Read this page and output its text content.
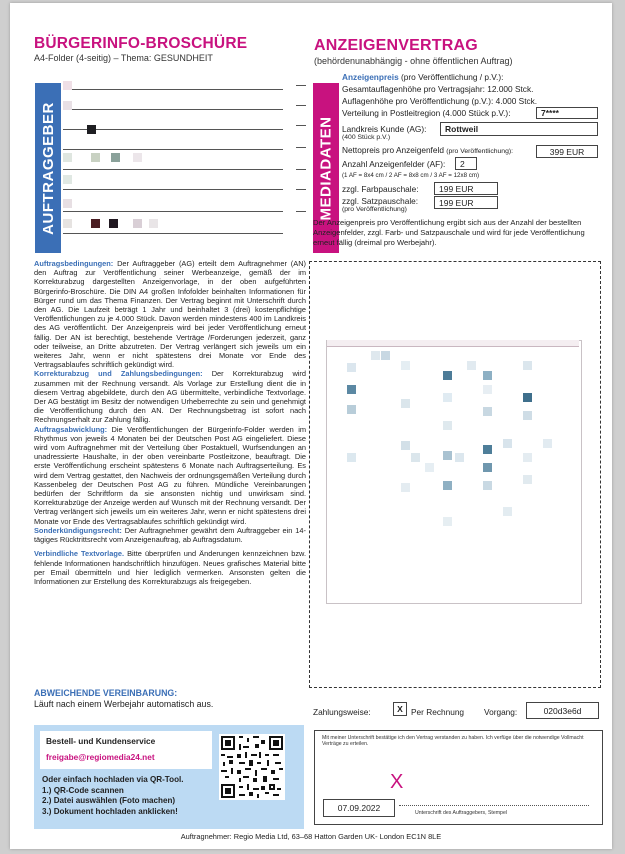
BÜRGERINFO-BROSCHÜRE
A4-Folder (4-seitig) – Thema: GESUNDHEIT
ANZEIGENVERTRAG
(behördenunabhängig - ohne öffentlichen Auftrag)
AUFTRAGGEBER	MEDIADATEN
Anzeigenpreis (pro Veröffentlichung / p.V.):
Gesamtauflagenhöhe pro Vertragsjahr: 12.000 Stck.
Auflagenhöhe pro Veröffentlichung (p.V.): 4.000 Stck.
Verteilung in Postleitregion (4.000 Stück p.V.):	7****
Landkreis Kunde (AG):
(400 Stück p.V.)
Rottweil
Nettopreis pro Anzeigenfeld (pro Veröffentlichung):	399 EUR
Anzahl Anzeigenfelder (AF):	2
(1 AF = 8x4 cm / 2 AF = 8x8 cm / 3 AF = 12x8 cm)
zzgl. Farbpauschale:	199 EUR
zzgl. Satzpauschale:
(pro Veröffentlichung)
199 EUR
Der Anzeigenpreis pro Veröffentlichung ergibt sich aus der Anzahl der bestellten Anzeigenfelder, zzgl. Farb- und Satzpauschale und wird für jede Veröffentlichung erneut fällig (dreimal pro Werbejahr).
Auftragsbedingungen: Der Auftraggeber (AG) erteilt dem Auftragnehmer (AN) den Auftrag zur Veröffentlichung seiner Werbeanzeige, gemäß der im Korrekturabzug dargestellten Anzeigenvorlage, in der oben aufgeführten Bürgerinfo-Broschüre. Die DIN A4 großen Infofolder beinhalten Informationen für Bürger rund um das Thema Finanzen. Der Vertrag beginnt mit Unterschrift durch den AG. Die Laufzeit beträgt 1 Jahr und beinhaltet 3 (drei) kostenpflichtige Veröffentlichungen zu je 4.000 Stück. Davon werden mindestens 400 im Landkreis des AG veröffentlicht. Der Anzeigenpreis wird bei jeder Veröffentlichung erneut fällig. Der AN ist berechtigt, bestehende Verträge /Forderungen jederzeit, ganz oder teilweise, an Dritte abzutreten. Der Vertrag verlängert sich jeweils um ein weiteres Jahr, wenn er nicht spätestens drei Monate vor Ende des Vertragsablaufes schriftlich gekündigt wird.
Korrekturabzug und Zahlungsbedingungen: Der Korrekturabzug wird zusammen mit der Rechnung versandt. Als Vorlage zur Erstellung dient die in diesem Vertrag abgebildete, durch den AG übermittelte, verbindliche Textvorlage. Der AG bestätigt im Besitz der notwendigen Urheberrechte zu sein und genehmigt die Veröffentlichung durch den AN. Der Rechnungsbetrag ist sofort nach Rechnungserhalt zur Zahlung fällig.
Auftragsabwicklung: Die Veröffentlichungen der Bürgerinfo-Folder werden im Rhythmus von jeweils 4 Monaten bei der Deutschen Post AG eingeliefert. Diese wird vom Auftragnehmer mit der Verteilung über Postaktuell, Wurfsendungen an unadressierte Haushalte, in der oben vereinbarte Postleitzone, beauftragt. Die erste Veröffentlichung erscheint spätestens 6 Monate nach Auftragserteilung. Es wird dem Vertrag gestattet, den Nachweis der ordnungsgemäßen Verteilung durch Kassenbeleg der Deutschen Post AG zu führen. Mündliche Vereinbarungen bedürfen der Schriftform da sie ansonsten nichtig und unwirksam sind. Korrekturabzüge der Anzeige werden auf Wunsch mit der Rechnung versandt. Der Vertrag verlängert sich jeweils um ein weiteres Jahr, wenn er nicht spätestens drei Monate vor Ende des Vertragsablaufes schriftlich gekündigt wird.
Sonderkündigungsrecht: Der Auftragnehmer gewährt dem Auftraggeber ein 14-tägiges Rücktrittsrecht vom Anzeigenauftrag, ab Auftragsdatum.

Verbindliche Textvorlage. Bitte überprüfen und Änderungen kennzeichnen bzw. fehlende Informationen handschriftlich hinzufügen. Neues grafisches Material bitte per Email übermitteln und hier lediglich vermerken. Ansonsten gelten die Informationen zur Erstellung des Korrekturabzugs als freigegeben.
ABWEICHENDE VEREINBARUNG:
Läuft nach einem Werbejahr automatisch aus.
Zahlungsweise:	X Per Rechnung Vorgang:	020d3e6d
Bestell- und Kundenservice
freigabe@regiomedia24.net
Oder einfach hochladen via QR-Tool.
1.) QR-Code scannen
2.) Datei auswählen (Foto machen)
3.) Dokument hochladen anklicken!
Mit meiner Unterschrift bestätige ich den Vertrag verstanden zu haben. Ich verfüge über die notwendige Vollmacht Verträge zu erteilen.
X
07.09.2022	Unterschrift des Auftraggebers, Stempel
Auftragnehmer: Regio Media Ltd, 63–68 Hatton Garden UK- London EC1N 8LE
